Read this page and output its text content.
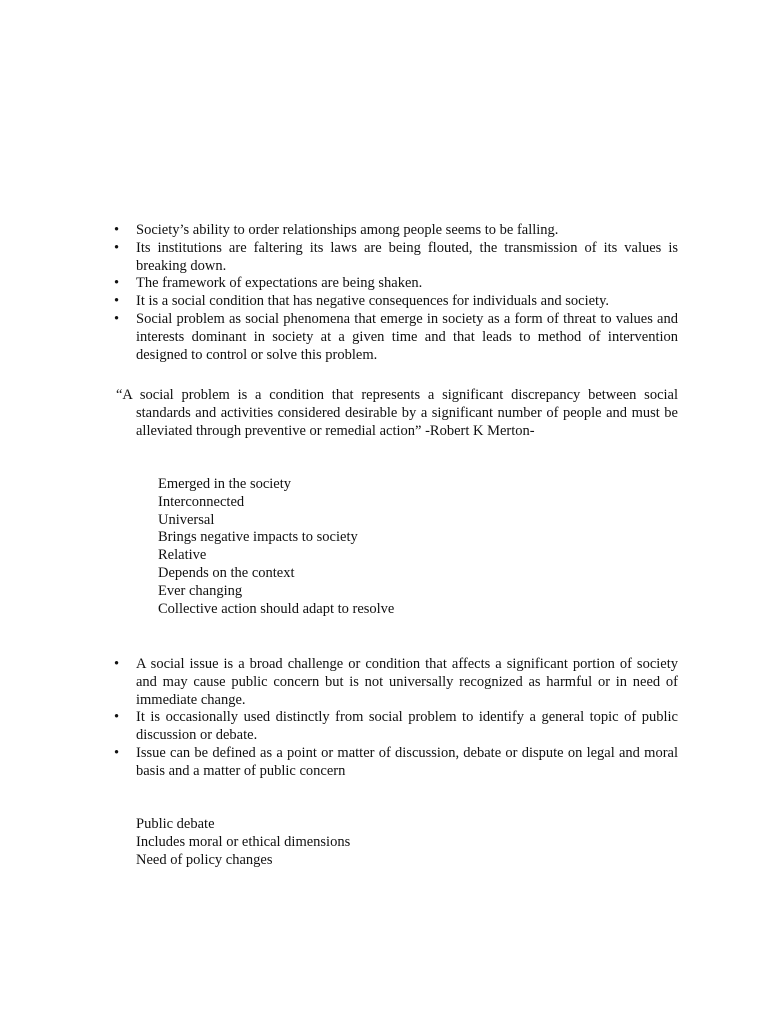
• Society’s ability to order relationships among people seems to be falling.
• Its institutions are faltering its laws are being flouted, the transmission of its values is breaking down.
• The framework of expectations are being shaken.
• It is a social condition that has negative consequences for individuals and society.
• Social problem as social phenomena that emerge in society as a form of threat to values and interests dominant in society at a given time and that leads to method of intervention designed to control or solve this problem.
“A social problem is a condition that represents a significant discrepancy between social standards and activities considered desirable by a significant number of people and must be alleviated through preventive or remedial action” -Robert K Merton-
Emerged in the society
Interconnected
Universal
Brings negative impacts to society
Relative
Depends on the context
Ever changing
Collective action should adapt to resolve
• A social issue is a broad challenge or condition that affects a significant portion of society and may cause public concern but is not universally recognized as harmful or in need of immediate change.
• It is occasionally used distinctly from social problem to identify a general topic of public discussion or debate.
• Issue can be defined as a point or matter of discussion, debate or dispute on legal and moral basis and a matter of public concern
Public debate
Includes moral or ethical dimensions
Need of policy changes
